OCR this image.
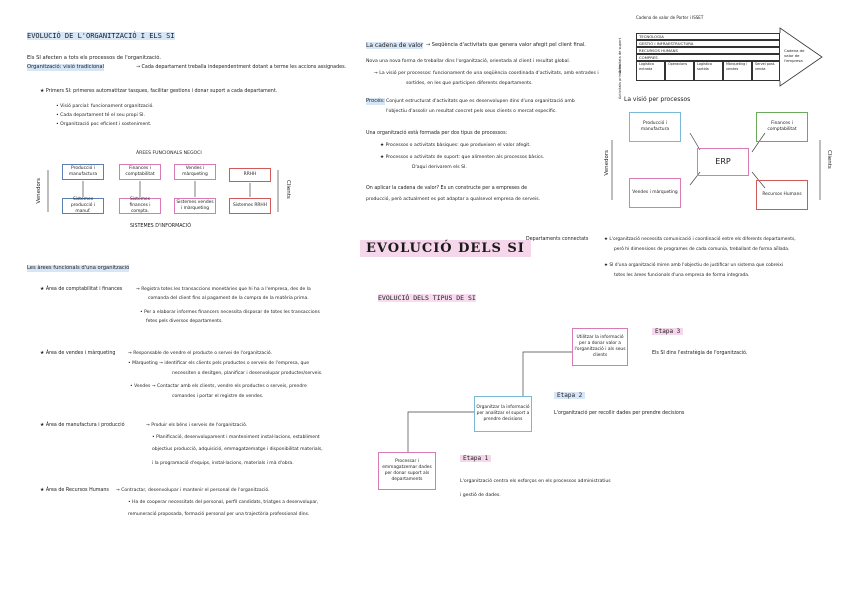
EVOLUCIÓ DE L'ORGANITZACIÓ I ELS SI
Els SI afecten a tots els processos de l'organització.
Organització: visió tradicional	→ Cada departament treballa independentment dotant a terme les accions assignades.
★ Primers SI: primeres automatitzar tasques, facilitar gestions i donar suport a cada departament.
• Visió parcial: funcionament organització.
• Cada departament té el seu propi SI.
• Organització poc eficient i sosteniment.
ÀREES FUNCIONALS NEGOCI
Venedors	Clients
Producció i manufactura
Finances i comptabilitat
Vendes i màrqueting	RRHH
Sistemes producció i manuf.
Sistemes finances i compta.
Sistemes vendes i màrqueting
Sistemes RRHH
SISTEMES D'INFORMACIÓ
Les àrees funcionals d'una organització
★ Àrea de comptabilitat i finances	→ Registra totes les transaccions monetàries que hi ha a l'empresa, des de la
comanda del client fins al pagament de la compra de la matèria prima.
• Per a elaborar informes financers necessita disposar de totes les transaccions
fetes pels diversos departaments.
★ Àrea de vendes i màrqueting	→ Responsable de vendre el producte o servei de l'organització.
• Màrqueting → identificar els clients pels productes o serveis de l'empresa, que
necessiten o desitgen, planificar i desenvolupar productes/serveis.
• Vendes → Contactar amb els clients, vendre els productes o serveis, prendre
comandes i portar el registre de vendes.
★ Àrea de manufactura i producció	→ Produir els béns i serveis de l'organització.
• Planificació, desenvolupament i manteniment instal·lacions, establiment
objectius producció, adquisició, emmagatzematge i disponibilitat materials,
i la programació d'equips, instal·lacions, materials i mà d'obra.
★ Àrea de Recursos Humans → Contractar, desenvolupar i mantenir el personal de l'organització.
• Ha de cooperar necessitats del personal, perfil candidats, triatges a desenvolupar,
remuneració proposada, formació personal per una trajectòria professional dins.
La cadena de valor → Seqüència d'activitats que genera valor afegit pel client final.
Nova una nova forma de treballar dins l'organització, orientada al client i resultat global.
→ La visió per processos: funcionament de una seqüència coordinada d'activitats, amb entrades i
sortides, en les que participen diferents departaments.
Procés: Conjunt estructurat d'activitats que es desenvolupen dins d'una organització amb
l'objectiu d'assolir un resultat concret pels seus clients o mercat específic.
Una organització està formada per dos tipus de processos:
★ Processos o activitats bàsiques: que produeixen el valor afegit.
★ Processos o activitats de suport: que alimenten als processos bàsics.
D'aquí derivarem els SI.
On aplicar la cadena de valor? Es un constructe per a empreses de
producció, però actualment es pot adaptar a qualsevol empresa de serveis.
EVOLUCIÓ DELS SI
EVOLUCIÓ DELS TIPUS DE SI
Processar i emmagatzemar dades per donar suport als departaments
Organitzar la informació per analitzar el suport a prendre decisions
Utilitzar la informació per a donar valor a l'organització i als seus clients
Etapa 1
Etapa 2
Etapa 3
L'organització centra els esforços en els processos administratius
i gestió de dades.
L'organització per recollir dades per prendre decisions
Els SI dins l'estratègia de l'organització.
Cadena de valor de Porter i ISSET
Activitats de suport
Activitats primàries
TECNOLOGIA
GESTIÓ I INFRAESTRUCTURA
RECURSOS HUMANS
COMPRES
Logística entrada
Operacions	Logística sortida
Màrqueting i vendes
Servei post-venda
Cadena de valor de l'empresa
La visió per processos
Producció i manufactura
Finances i comptabilitat
ERP
Vendes i màrqueting	Recursos Humans
Venedors	Clients
Departaments connectats	★ L'organització necessita comunicació i coordinació entre els diferents departaments,
però hi dimensions de programes de cada comunia, treballant de forma aïllada.
★ SI d'una organització miren amb l'objectiu de justificar un sistema que cobreixi
totes les àrees funcionals d'una empresa de forma integrada.
